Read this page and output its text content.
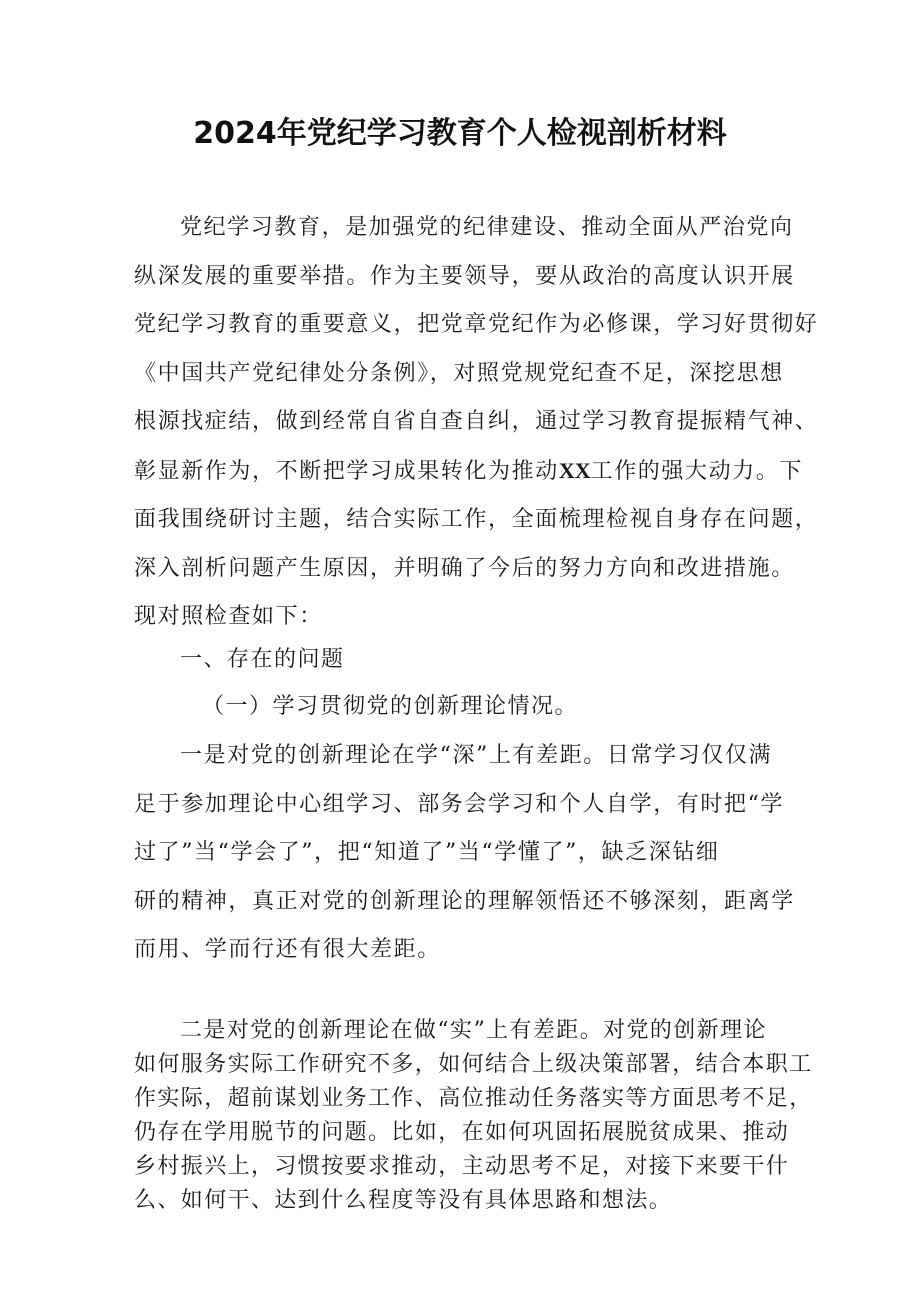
2024年党纪学习教育个人检视剖析材料
党纪学习教育，是加强党的纪律建设、推动全面从严治党向
纵深发展的重要举措。作为主要领导，要从政治的高度认识开展
党纪学习教育的重要意义，把党章党纪作为必修课，学习好贯彻好
《中国共产党纪律处分条例》，对照党规党纪查不足，深挖思想
根源找症结，做到经常自省自查自纠，通过学习教育提振精气神、
彰显新作为，不断把学习成果转化为推动XX工作的强大动力。下
面我围绕研讨主题，结合实际工作，全面梳理检视自身存在问题，
深入剖析问题产生原因，并明确了今后的努力方向和改进措施。
现对照检查如下：
一、存在的问题
（一）学习贯彻党的创新理论情况。
一是对党的创新理论在学“深”上有差距。日常学习仅仅满
足于参加理论中心组学习、部务会学习和个人自学，有时把“学
过了”当“学会了”，把“知道了”当“学懂了”，缺乏深钻细
研的精神，真正对党的创新理论的理解领悟还不够深刻，距离学
而用、学而行还有很大差距。
二是对党的创新理论在做“实”上有差距。对党的创新理论
如何服务实际工作研究不多，如何结合上级决策部署，结合本职工
作实际，超前谋划业务工作、高位推动任务落实等方面思考不足，
仍存在学用脱节的问题。比如，在如何巩固拓展脱贫成果、推动
乡村振兴上，习惯按要求推动，主动思考不足，对接下来要干什
么、如何干、达到什么程度等没有具体思路和想法。
